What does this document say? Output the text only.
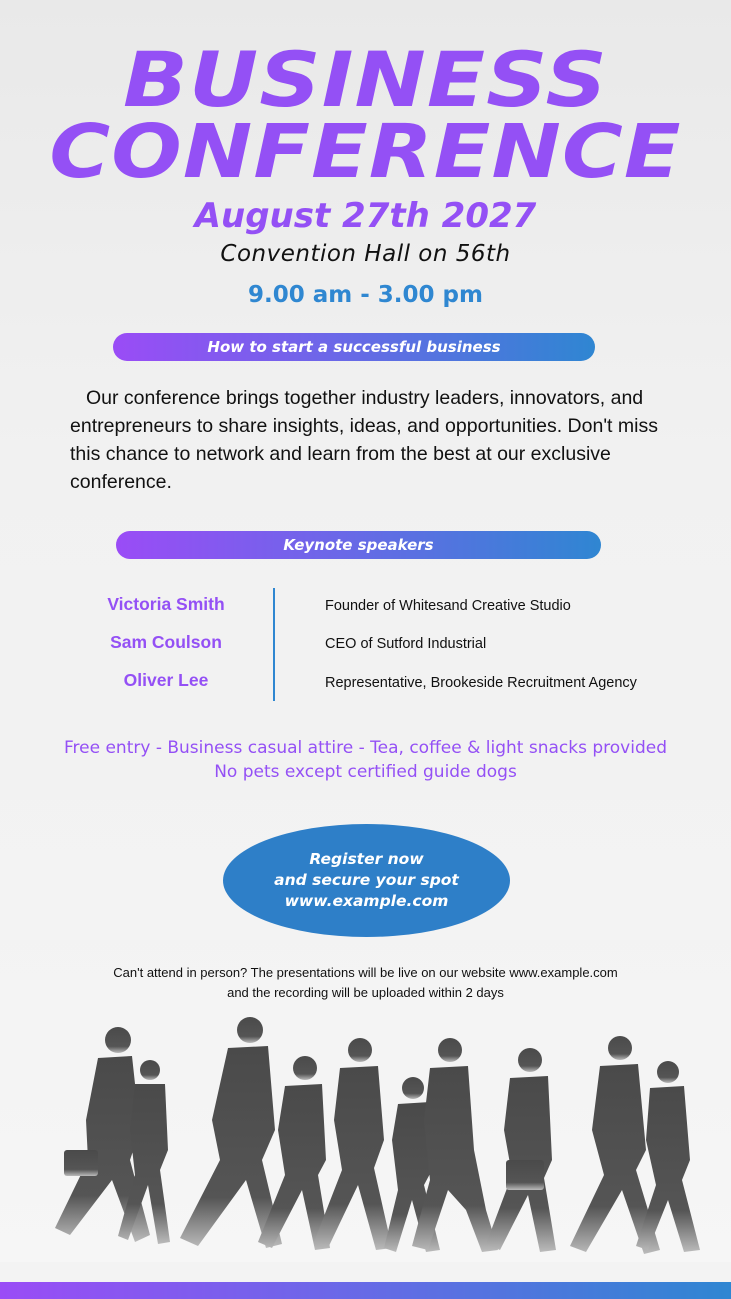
BUSINESS
CONFERENCE
August 27th 2027
Convention Hall on 56th
9.00 am - 3.00 pm
How to start a successful business
Our conference brings together industry leaders, innovators, and entrepreneurs to share insights, ideas, and opportunities. Don't miss this chance to network and learn from the best at our exclusive conference.
Keynote speakers
Victoria Smith
Sam Coulson
Oliver Lee
Founder of Whitesand Creative Studio
CEO of Sutford Industrial
Representative, Brookeside Recruitment Agency
Free entry - Business casual attire - Tea, coffee & light snacks provided
No pets except certified guide dogs
Register now
and secure your spot
www.example.com
Can't attend in person? The presentations will be live on our website www.example.com
and the recording will be uploaded within 2 days
